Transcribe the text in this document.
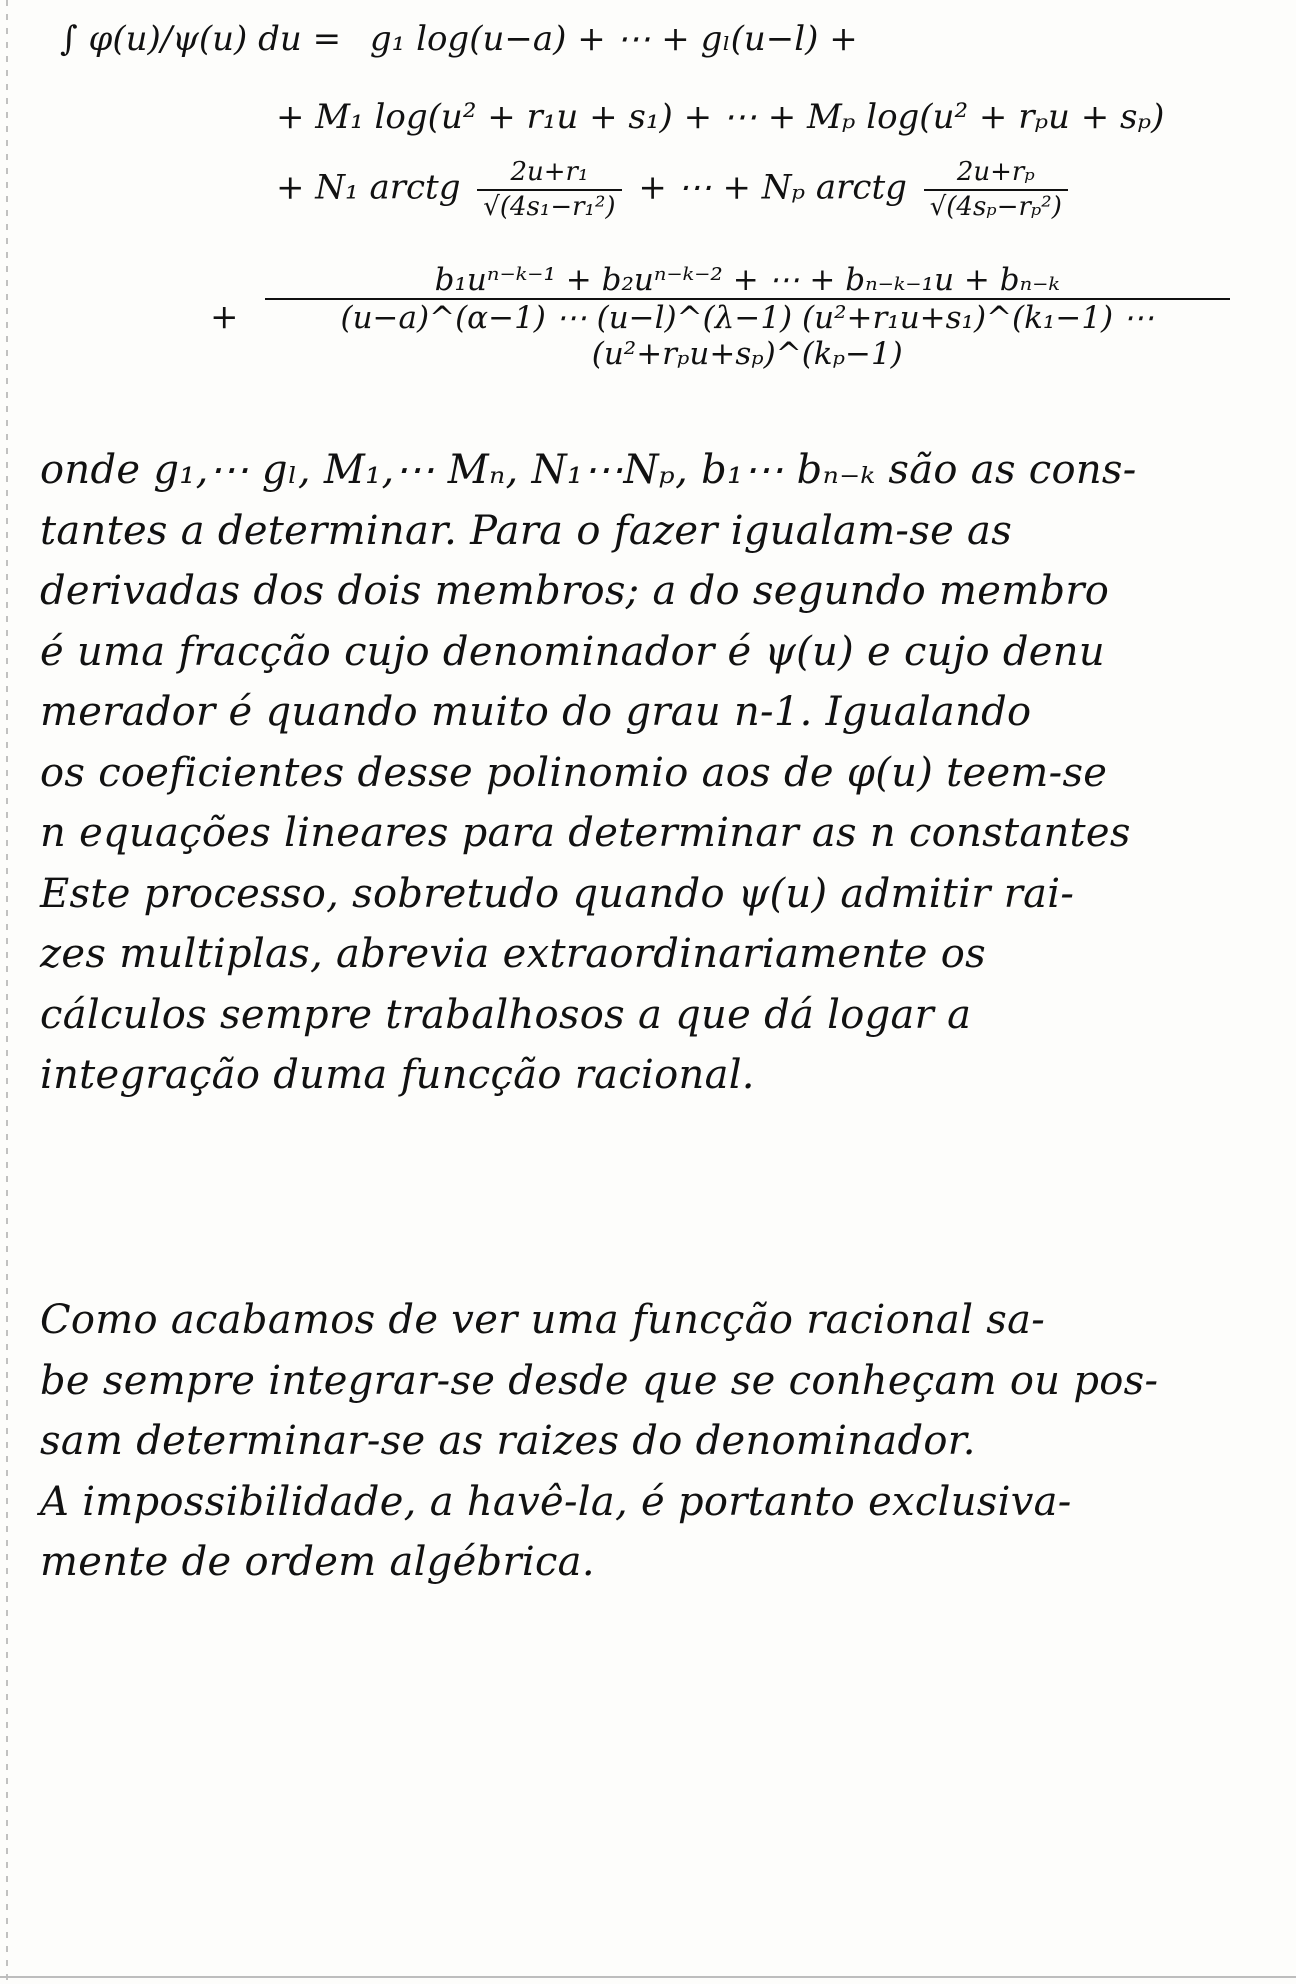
∫ φ(u)/ψ(u) du = g₁ log(u−a) + ⋯ + gₗ(u−l) +
+ M₁ log(u² + r₁u + s₁) + ⋯ + Mₚ log(u² + rₚu + sₚ)
+ N₁ arctg $\frac{\text{2u+r₁}}{\text{√(4s₁−r₁²)}}$ + ⋯ + Nₚ arctg $\frac{\text{2u+rₚ}}{\text{√(4sₚ−rₚ²)}}$
+
b₁uⁿ⁻ᵏ⁻¹ + b₂uⁿ⁻ᵏ⁻² + ⋯ + bₙ₋ₖ₋₁u + bₙ₋ₖ
(u−a)^(α−1) ⋯ (u−l)^(λ−1) (u²+r₁u+s₁)^(k₁−1) ⋯ (u²+rₚu+sₚ)^(kₚ−1)
onde g₁,⋯ gₗ, M₁,⋯ Mₙ, N₁⋯Nₚ, b₁⋯ bₙ₋ₖ são as cons-
tantes a determinar. Para o fazer igualam-se as
derivadas dos dois membros; a do segundo membro
é uma fracção cujo denominador é ψ(u) e cujo denu
merador é quando muito do grau n-1. Igualando
os coeficientes desse polinomio aos de φ(u) teem-se
n equações lineares para determinar as n constantes
Este processo, sobretudo quando ψ(u) admitir rai-
zes multiplas, abrevia extraordinariamente os
cálculos sempre trabalhosos a que dá logar a
integração duma funcção racional.
Como acabamos de ver uma funcção racional sa-
be sempre integrar-se desde que se conheçam ou pos-
sam determinar-se as raizes do denominador.
A impossibilidade, a havê-la, é portanto exclusiva-
mente de ordem algébrica.
